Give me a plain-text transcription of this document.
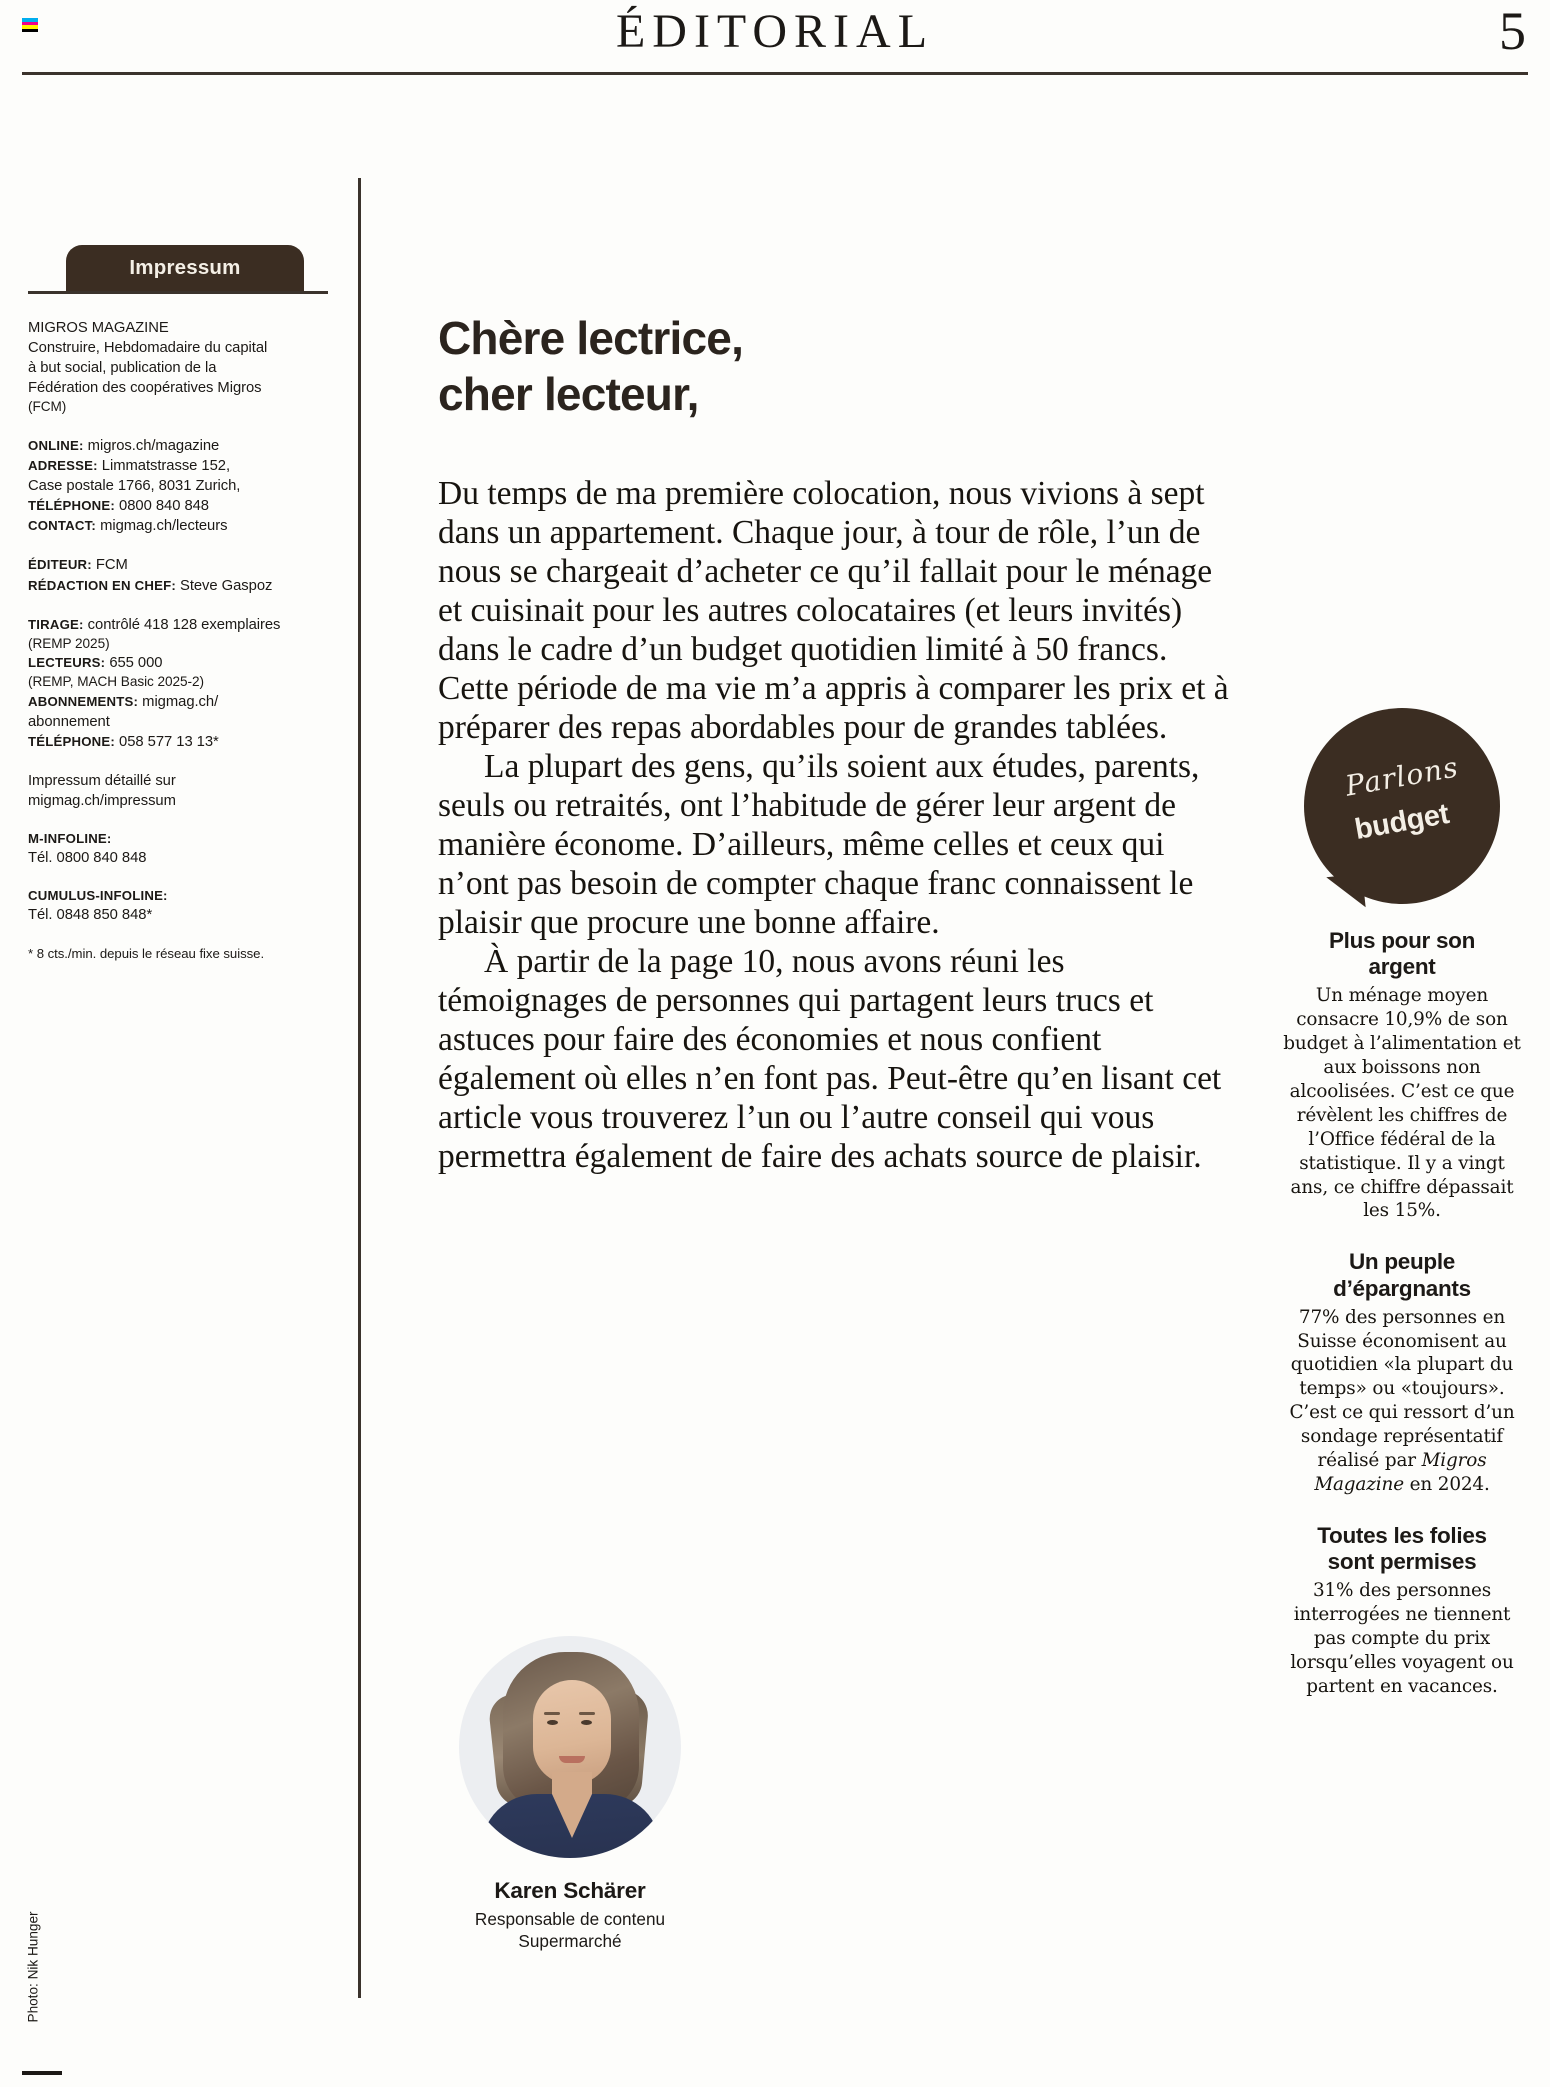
ÉDITORIAL	5
Impressum
MIGROS MAGAZINE
Construire, Hebdomadaire du capital
à but social, publication de la
Fédération des coopératives Migros
(FCM)
ONLINE: migros.ch/magazine
ADRESSE: Limmatstrasse 152,
Case postale 1766, 8031 Zurich,
TÉLÉPHONE: 0800 840 848
CONTACT: migmag.ch/lecteurs
ÉDITEUR: FCM
RÉDACTION EN CHEF: Steve Gaspoz
TIRAGE: contrôlé 418 128 exemplaires
(REMP 2025)
LECTEURS: 655 000
(REMP, MACH Basic 2025-2)
ABONNEMENTS: migmag.ch/
abonnement
TÉLÉPHONE: 058 577 13 13*
Impressum détaillé sur
migmag.ch/impressum
M-INFOLINE:
Tél. 0800 840 848
CUMULUS-INFOLINE:
Tél. 0848 850 848*
* 8 cts./min. depuis le réseau fixe suisse.
Chère lectrice,
cher lecteur,

Du temps de ma première colocation, nous vivions à sept dans un appartement. Chaque jour, à tour de rôle, l’un de nous se chargeait d’acheter ce qu’il fallait pour le ménage et cuisinait pour les autres colocataires (et leurs invités) dans le cadre d’un budget quotidien limité à 50 francs. Cette période de ma vie m’a appris à comparer les prix et à préparer des repas abordables pour de grandes tablées.

La plupart des gens, qu’ils soient aux études, parents, seuls ou retraités, ont l’habitude de gérer leur argent de manière économe. D’ailleurs, même celles et ceux qui n’ont pas besoin de compter chaque franc connaissent le plaisir que procure une bonne affaire.

À partir de la page 10, nous avons réuni les témoignages de personnes qui partagent leurs trucs et astuces pour faire des économies et nous confient également où elles n’en font pas. Peut-être qu’en lisant cet article vous trouverez l’un ou l’autre conseil qui vous permettra également de faire des achats source de plaisir.

Karen Schärer
Responsable de contenu
Supermarché
Parlons
budget
Plus pour son
argent
Un ménage moyen consacre 10,9% de son budget à l’alimentation et aux boissons non alcoolisées. C’est ce que révèlent les chiffres de l’Office fédéral de la statistique. Il y a vingt ans, ce chiffre dépassait les 15%.
Un peuple
d’épargnants
77% des personnes en Suisse économisent au quotidien «la plupart du temps» ou «toujours». C’est ce qui ressort d’un sondage représentatif réalisé par Migros Magazine en 2024.
Toutes les folies
sont permises
31% des personnes interrogées ne tiennent pas compte du prix lorsqu’elles voyagent ou partent en vacances.
Photo: Nik Hunger
